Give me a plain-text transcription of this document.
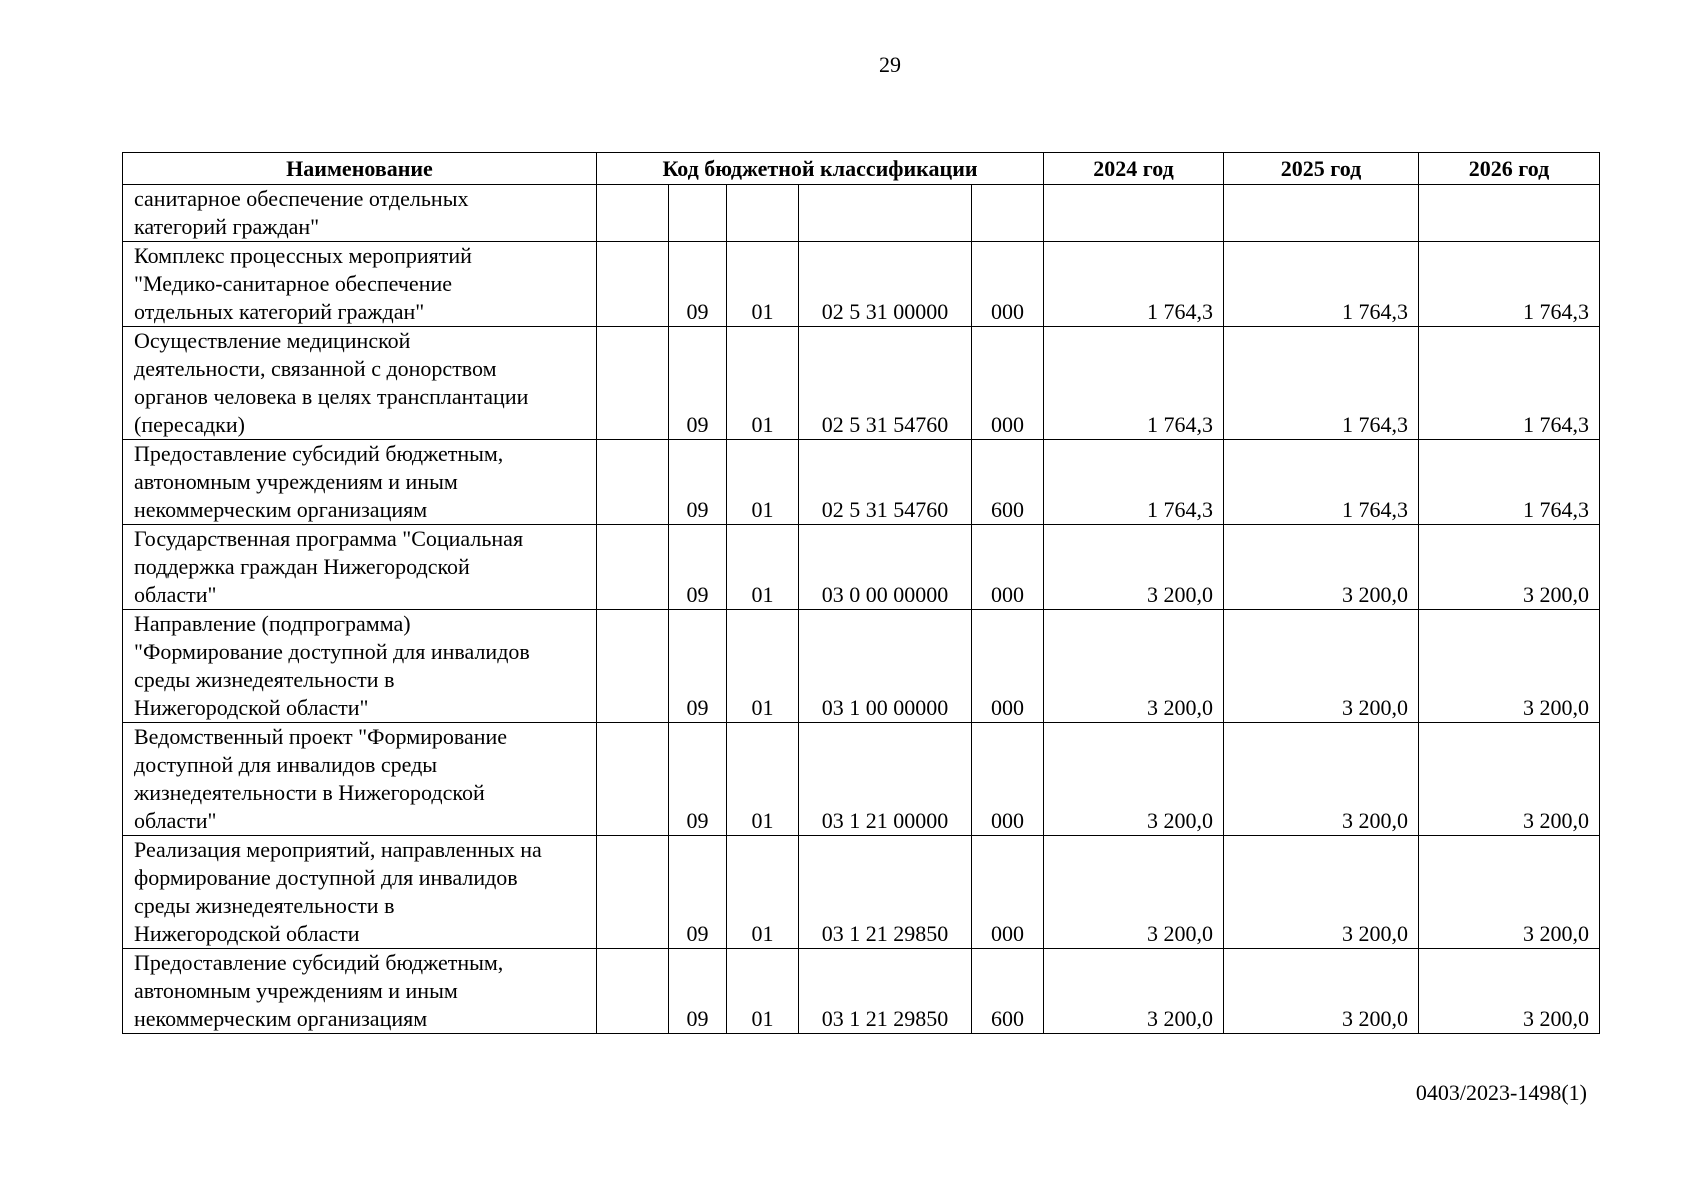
29
Наименование	Код бюджетной классификации					2024 год	2025 год	2026 год
санитарное обеспечение отдельных
категорий граждан"								
Комплекс процессных мероприятий
"Медико-санитарное обеспечение
отдельных категорий граждан"		09	01	02 5 31 00000	000	1 764,3	1 764,3	1 764,3
Осуществление медицинской
деятельности, связанной с донорством
органов человека в целях трансплантации
(пересадки)		09	01	02 5 31 54760	000	1 764,3	1 764,3	1 764,3
Предоставление субсидий бюджетным,
автономным учреждениям и иным
некоммерческим организациям		09	01	02 5 31 54760	600	1 764,3	1 764,3	1 764,3
Государственная программа "Социальная
поддержка граждан Нижегородской
области"		09	01	03 0 00 00000	000	3 200,0	3 200,0	3 200,0
Направление (подпрограмма)
"Формирование доступной для инвалидов
среды жизнедеятельности в
Нижегородской области"		09	01	03 1 00 00000	000	3 200,0	3 200,0	3 200,0
Ведомственный проект "Формирование
доступной для инвалидов среды
жизнедеятельности в Нижегородской
области"		09	01	03 1 21 00000	000	3 200,0	3 200,0	3 200,0
Реализация мероприятий, направленных на
формирование доступной для инвалидов
среды жизнедеятельности в
Нижегородской области		09	01	03 1 21 29850	000	3 200,0	3 200,0	3 200,0
Предоставление субсидий бюджетным,
автономным учреждениям и иным
некоммерческим организациям		09	01	03 1 21 29850	600	3 200,0	3 200,0	3 200,0
0403/2023-1498(1)
